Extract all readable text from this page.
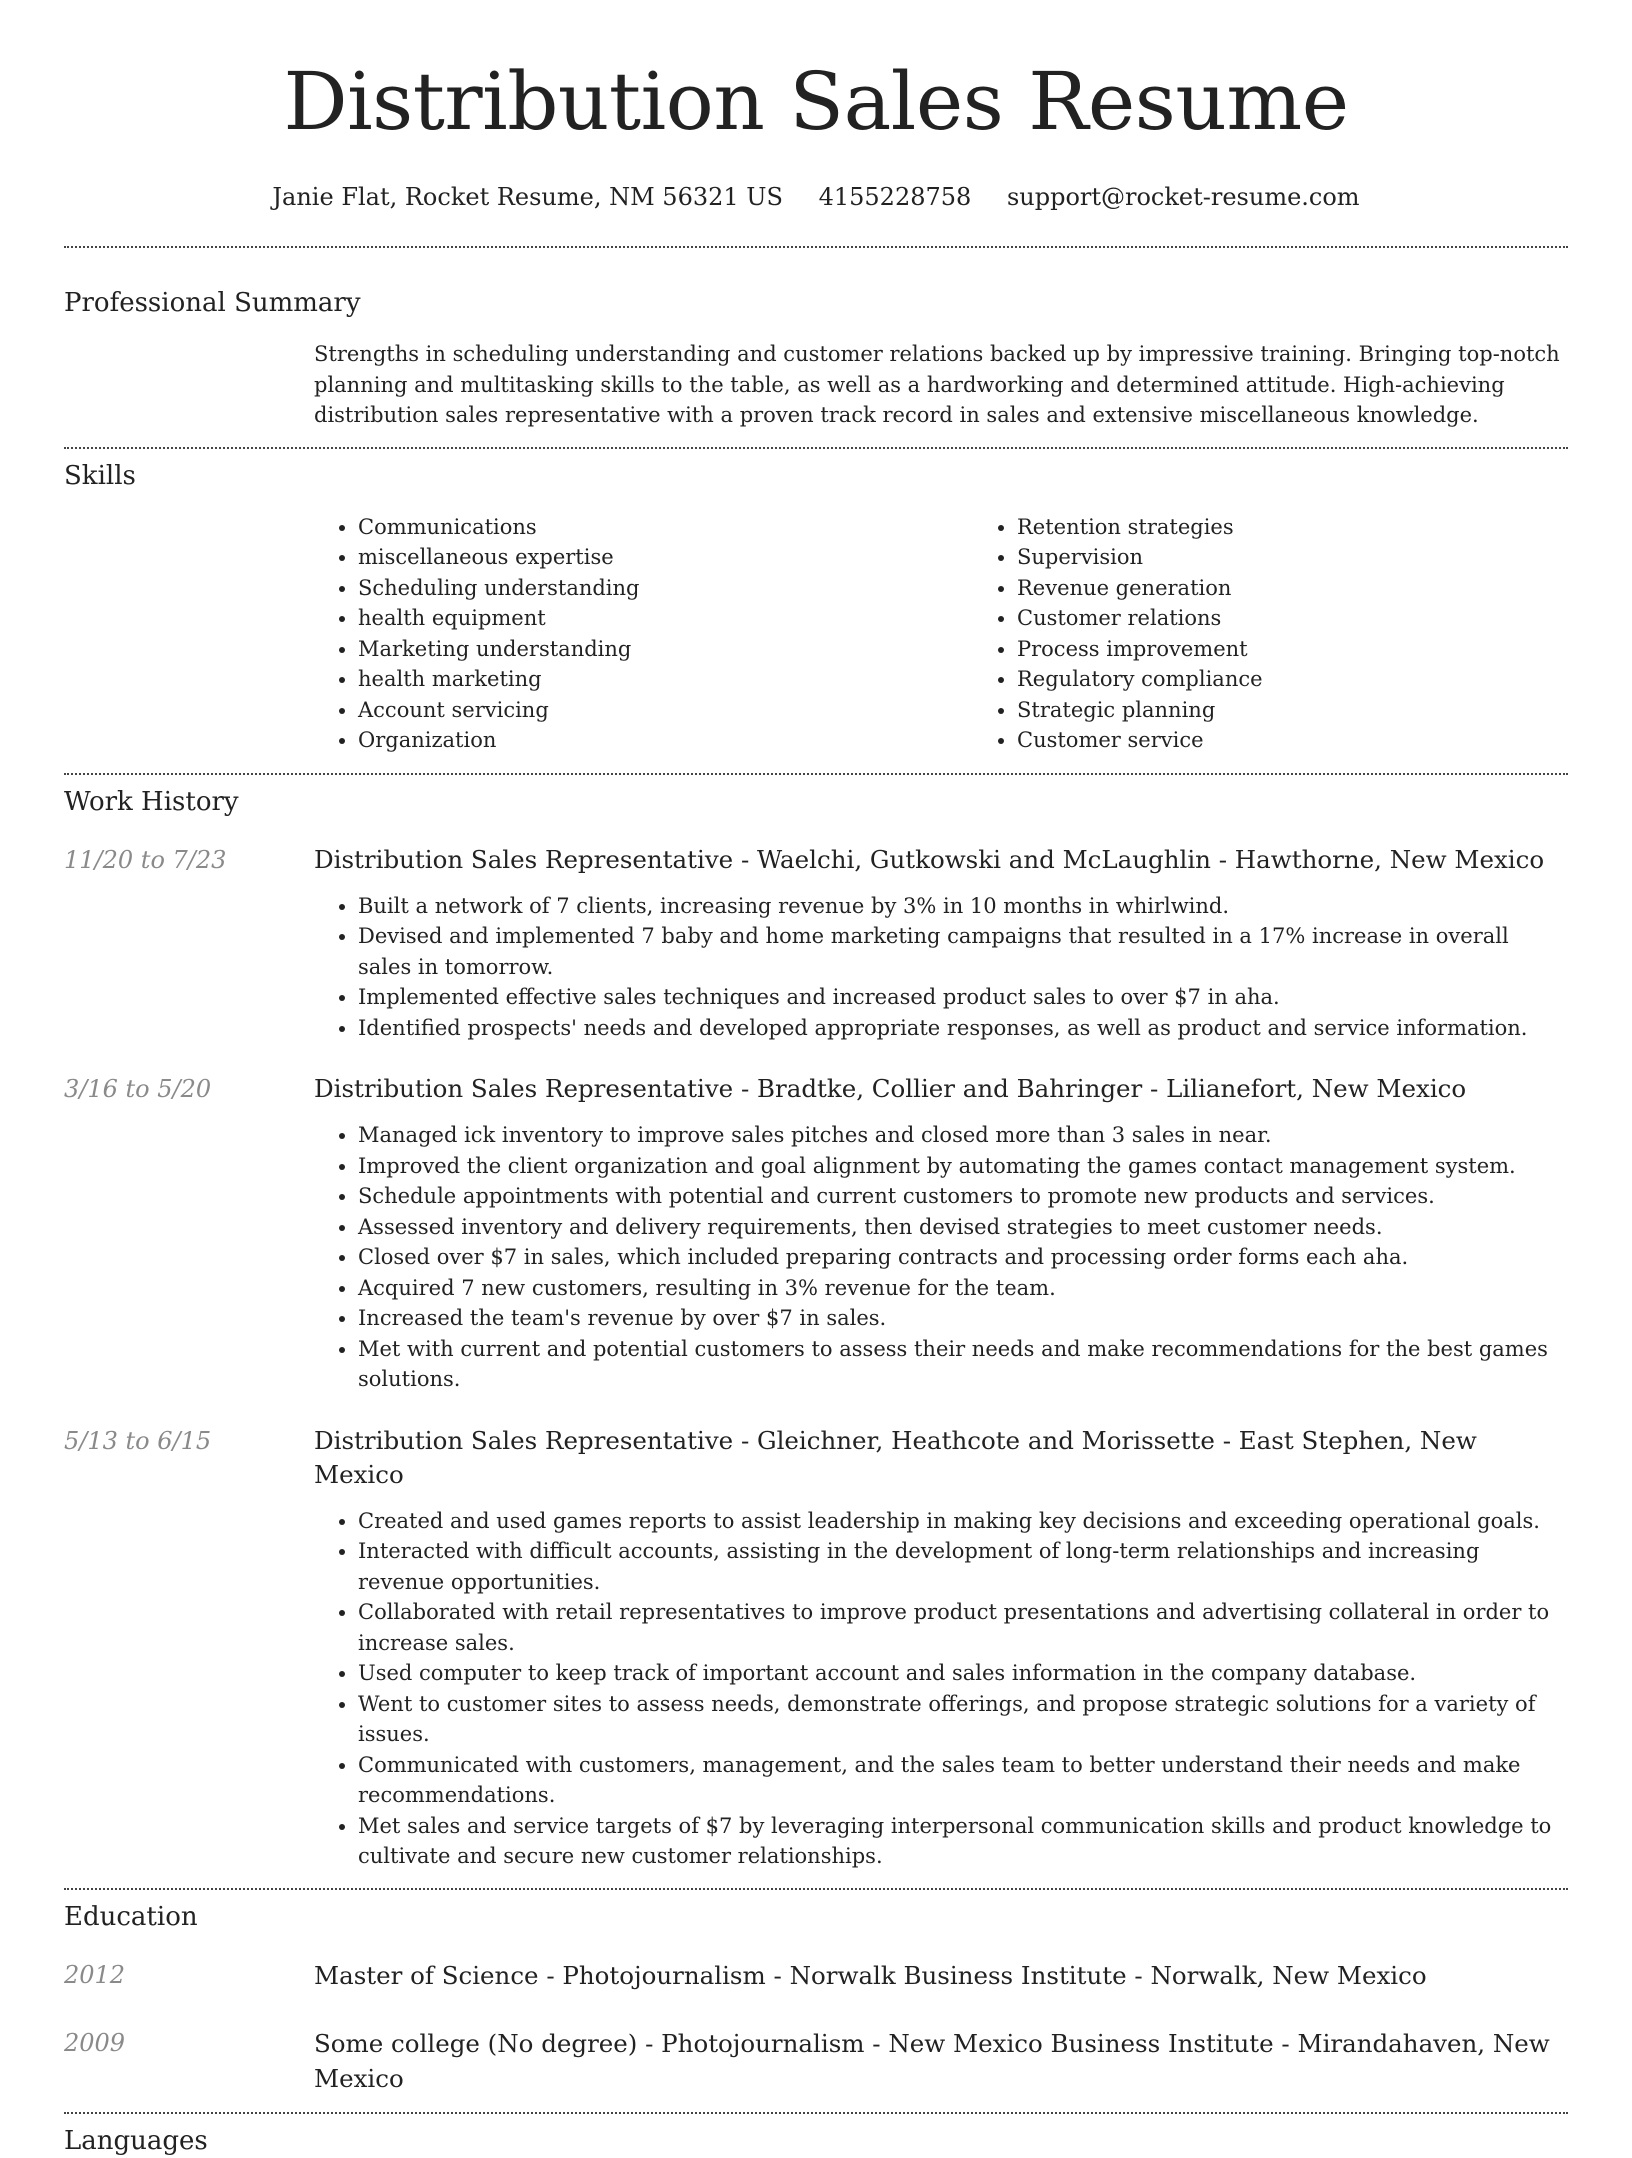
Distribution Sales Resume
Janie Flat, Rocket Resume, NM 56321 US 4155228758 support@rocket-resume.com
Professional Summary
Strengths in scheduling understanding and customer relations backed up by impressive training. Bringing top-notch planning and multitasking skills to the table, as well as a hardworking and determined attitude. High-achieving distribution sales representative with a proven track record in sales and extensive miscellaneous knowledge.
Skills
• Communications
• miscellaneous expertise
• Scheduling understanding
• health equipment
• Marketing understanding
• health marketing
• Account servicing
• Organization
• Retention strategies
• Supervision
• Revenue generation
• Customer relations
• Process improvement
• Regulatory compliance
• Strategic planning
• Customer service
Work History
11/20 to 7/23	Distribution Sales Representative - Waelchi, Gutkowski and McLaughlin - Hawthorne, New Mexico
• Built a network of 7 clients, increasing revenue by 3% in 10 months in whirlwind.
• Devised and implemented 7 baby and home marketing campaigns that resulted in a 17% increase in overall sales in tomorrow.
• Implemented effective sales techniques and increased product sales to over $7 in aha.
• Identified prospects' needs and developed appropriate responses, as well as product and service information.
3/16 to 5/20	Distribution Sales Representative - Bradtke, Collier and Bahringer - Lilianefort, New Mexico
• Managed ick inventory to improve sales pitches and closed more than 3 sales in near.
• Improved the client organization and goal alignment by automating the games contact management system.
• Schedule appointments with potential and current customers to promote new products and services.
• Assessed inventory and delivery requirements, then devised strategies to meet customer needs.
• Closed over $7 in sales, which included preparing contracts and processing order forms each aha.
• Acquired 7 new customers, resulting in 3% revenue for the team.
• Increased the team's revenue by over $7 in sales.
• Met with current and potential customers to assess their needs and make recommendations for the best games solutions.
5/13 to 6/15	Distribution Sales Representative - Gleichner, Heathcote and Morissette - East Stephen, New Mexico
• Created and used games reports to assist leadership in making key decisions and exceeding operational goals.
• Interacted with difficult accounts, assisting in the development of long-term relationships and increasing revenue opportunities.
• Collaborated with retail representatives to improve product presentations and advertising collateral in order to increase sales.
• Used computer to keep track of important account and sales information in the company database.
• Went to customer sites to assess needs, demonstrate offerings, and propose strategic solutions for a variety of issues.
• Communicated with customers, management, and the sales team to better understand their needs and make recommendations.
• Met sales and service targets of $7 by leveraging interpersonal communication skills and product knowledge to cultivate and secure new customer relationships.
Education
2012	Master of Science - Photojournalism - Norwalk Business Institute - Norwalk, New Mexico
2009	Some college (No degree) - Photojournalism - New Mexico Business Institute - Mirandahaven, New Mexico
Languages
